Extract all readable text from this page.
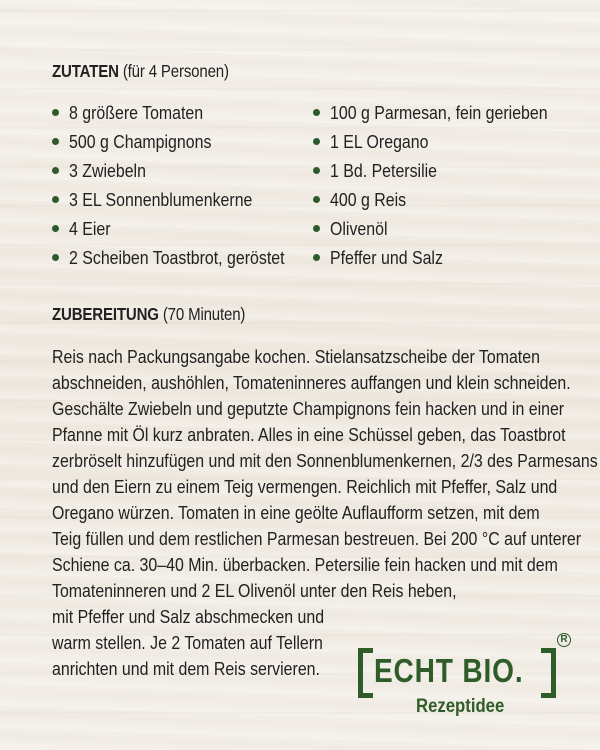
ZUTATEN (für 4 Personen)
8 größere Tomaten
500 g Champignons
3 Zwiebeln
3 EL Sonnenblumenkerne
4 Eier
2 Scheiben Toastbrot, geröstet
100 g Parmesan, fein gerieben
1 EL Oregano
1 Bd. Petersilie
400 g Reis
Olivenöl
Pfeffer und Salz
ZUBEREITUNG (70 Minuten)
Reis nach Packungsangabe kochen. Stielansatzscheibe der Tomaten
abschneiden, aushöhlen, Tomateninneres auffangen und klein schneiden.
Geschälte Zwiebeln und geputzte Champignons fein hacken und in einer
Pfanne mit Öl kurz anbraten. Alles in eine Schüssel geben, das Toastbrot
zerbröselt hinzufügen und mit den Sonnenblumenkernen, 2/3 des Parmesans
und den Eiern zu einem Teig vermengen. Reichlich mit Pfeffer, Salz und
Oregano würzen. Tomaten in eine geölte Auflaufform setzen, mit dem
Teig füllen und dem restlichen Parmesan bestreuen. Bei 200 °C auf unterer
Schiene ca. 30–40 Min. überbacken. Petersilie fein hacken und mit dem
Tomateninneren und 2 EL Olivenöl unter den Reis heben,
mit Pfeffer und Salz abschmecken und
warm stellen. Je 2 Tomaten auf Tellern
anrichten und mit dem Reis servieren.	ECHT BIO.
R
Rezeptidee
